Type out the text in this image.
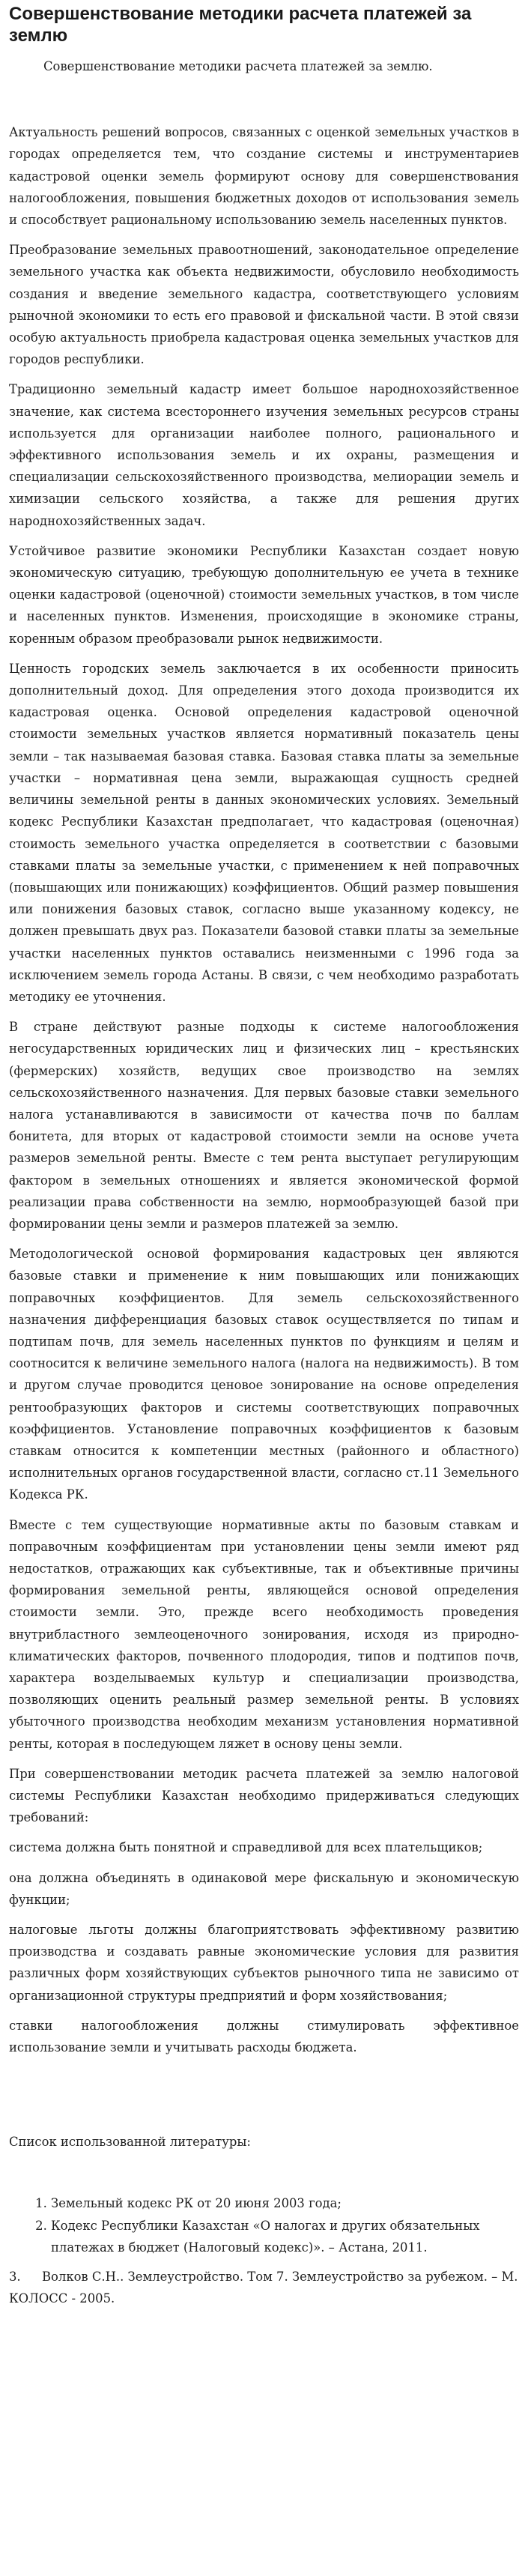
Совершенствование методики расчета платежей за землю

Совершенствование методики расчета платежей за землю.

Актуальность решений вопросов, связанных с оценкой земельных участков в городах определяется тем, что создание системы и инструментариев кадастровой оценки земель формируют основу для совершенствования налогообложения, повышения бюджетных доходов от использования земель и способствует рациональному использованию земель населенных пунктов.

Преобразование земельных правоотношений, законодательное определение земельного участка как объекта недвижимости, обусловило необходимость создания и введение земельного кадастра, соответствующего условиям рыночной экономики то есть его правовой и фискальной части. В этой связи особую актуальность приобрела кадастровая оценка земельных участков для городов республики.

Традиционно земельный кадастр имеет большое народнохозяйственное значение, как система всестороннего изучения земельных ресурсов страны используется для организации наиболее полного, рационального и эффективного использования земель и их охраны, размещения и специализации сельскохозяйственного производства, мелиорации земель и химизации сельского хозяйства, а также для решения других народнохозяйственных задач.

Устойчивое развитие экономики Республики Казахстан создает новую экономическую ситуацию, требующую дополнительную ее учета в технике оценки кадастровой (оценочной) стоимости земельных участков, в том числе и населенных пунктов. Изменения, происходящие в экономике страны, коренным образом преобразовали рынок недвижимости.

Ценность городских земель заключается в их особенности приносить дополнительный доход. Для определения этого дохода производится их кадастровая оценка. Основой определения кадастровой оценочной стоимости земельных участков является нормативный показатель цены земли – так называемая базовая ставка. Базовая ставка платы за земельные участки – нормативная цена земли, выражающая сущность средней величины земельной ренты в данных экономических условиях. Земельный кодекс Республики Казахстан предполагает, что кадастровая (оценочная) стоимость земельного участка определяется в соответствии с базовыми ставками платы за земельные участки, с применением к ней поправочных (повышающих или понижающих) коэффициентов. Общий размер повышения или понижения базовых ставок, согласно выше указанному кодексу, не должен превышать двух раз. Показатели базовой ставки платы за земельные участки населенных пунктов оставались неизменными с 1996 года за исключением земель города Астаны. В связи, с чем необходимо разработать методику ее уточнения.

В стране действуют разные подходы к системе налогообложения негосударственных юридических лиц и физических лиц – крестьянских (фермерских) хозяйств, ведущих свое производство на землях сельскохозяйственного назначения. Для первых базовые ставки земельного налога устанавливаются в зависимости от качества почв по баллам бонитета, для вторых от кадастровой стоимости земли на основе учета размеров земельной ренты. Вместе с тем рента выступает регулирующим фактором в земельных отношениях и является экономической формой реализации права собственности на землю, нормообразующей базой при формировании цены земли и размеров платежей за землю.

Методологической основой формирования кадастровых цен являются базовые ставки и применение к ним повышающих или понижающих поправочных коэффициентов. Для земель сельскохозяйственного назначения дифференциация базовых ставок осуществляется по типам и подтипам почв, для земель населенных пунктов по функциям и целям и соотносится к величине земельного налога (налога на недвижимость). В том и другом случае проводится ценовое зонирование на основе определения рентообразующих факторов и системы соответствующих поправочных коэффициентов. Установление поправочных коэффициентов к базовым ставкам относится к компетенции местных (районного и областного) исполнительных органов государственной власти, согласно ст.11 Земельного Кодекса РК.

Вместе с тем существующие нормативные акты по базовым ставкам и поправочным коэффициентам при установлении цены земли имеют ряд недостатков, отражающих как субъективные, так и объективные причины формирования земельной ренты, являющейся основой определения стоимости земли. Это, прежде всего необходимость проведения внутрибластного землеоценочного зонирования, исходя из природно-климатических факторов, почвенного плодородия, типов и подтипов почв, характера возделываемых культур и специализации производства, позволяющих оценить реальный размер земельной ренты. В условиях убыточного производства необходим механизм установления нормативной ренты, которая в последующем ляжет в основу цены земли.

При совершенствовании методик расчета платежей за землю налоговой системы Республики Казахстан необходимо придерживаться следующих требований:

система должна быть понятной и справедливой для всех плательщиков;

она должна объединять в одинаковой мере фискальную и экономическую функции;

налоговые льготы должны благоприятствовать эффективному развитию производства и создавать равные экономические условия для развития различных форм хозяйствующих субъектов рыночного типа не зависимо от организационной структуры предприятий и форм хозяйствования;

ставки налогообложения должны стимулировать эффективное использование земли и учитывать расходы бюджета.

Список использованной литературы:

1. Земельный кодекс РК от 20 июня 2003 года;
2. Кодекс Республики Казахстан «О налогах и других обязательных платежах в бюджет (Налоговый кодекс)». – Астана, 2011.

3. Волков С.Н.. Землеустройство. Том 7. Землеустройство за рубежом. – М. КОЛОСС - 2005.
